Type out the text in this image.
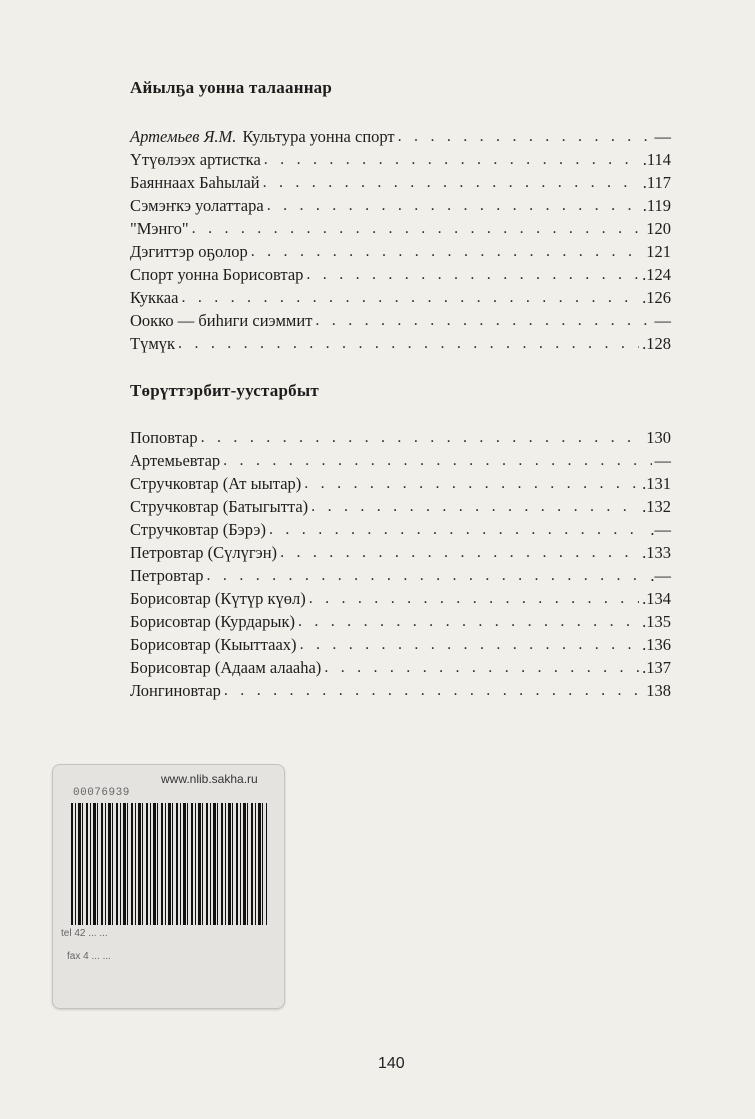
Айылҕа уонна талааннар
Артемьев Я.М. Культура уонна спорт . . .	—
Үтүөлээх артистка . . .	.114
Баяннаах Баһылай . . .	.117
Сэмэҥкэ уолаттара . . .	.119
"Мэнго" . . .	120
Дэгиттэр оҕолор . . .	121
Спорт уонна Борисовтар . . .	.124
Куккаа . . .	.126
Оокко — биһиги сиэммит . . .	—
Түмүк . . .	.128
Төрүттэрбит-уустарбыт
Поповтар . . .	130
Артемьевтар . . .	—
Стручковтар (Ат ыытар) . . .	.131
Стручковтар (Батыгытта) . . .	.132
Стручковтар (Бэрэ) . . .	.—
Петровтар (Сүлүгэн) . . .	.133
Петровтар . . .	.—
Борисовтар (Күтүр күөл) . . .	.134
Борисовтар (Курдарык) . . .	.135
Борисовтар (Кыыттаах) . . .	.136
Борисовтар (Адаам алааһа) . . .	.137
Лонгиновтар . . .	138
www.nlib.sakha.ru
00076939
tel 42 ... ...
fax 4 ... ...
140
